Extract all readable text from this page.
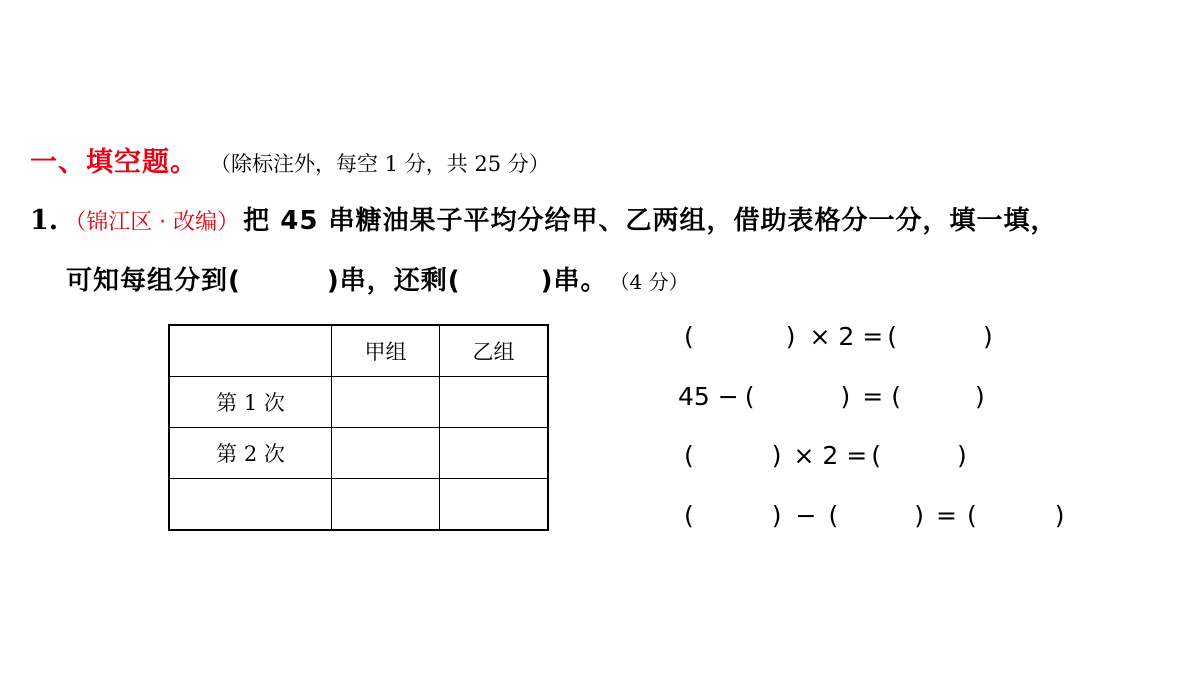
一、填空题。 （除标注外，每空 1 分，共 25 分）
1. （锦江区 · 改编） 把 45 串糖油果子平均分给甲、乙两组，借助表格分一分，填一填，
可知每组分到(	)串，还剩(	)串。 （4 分）
	甲组	乙组
第 1 次		
第 2 次		

(	) × 2 = (	)
45 − (	) = (	)
(	) × 2 = (	)
(	) − (	) = (	)
